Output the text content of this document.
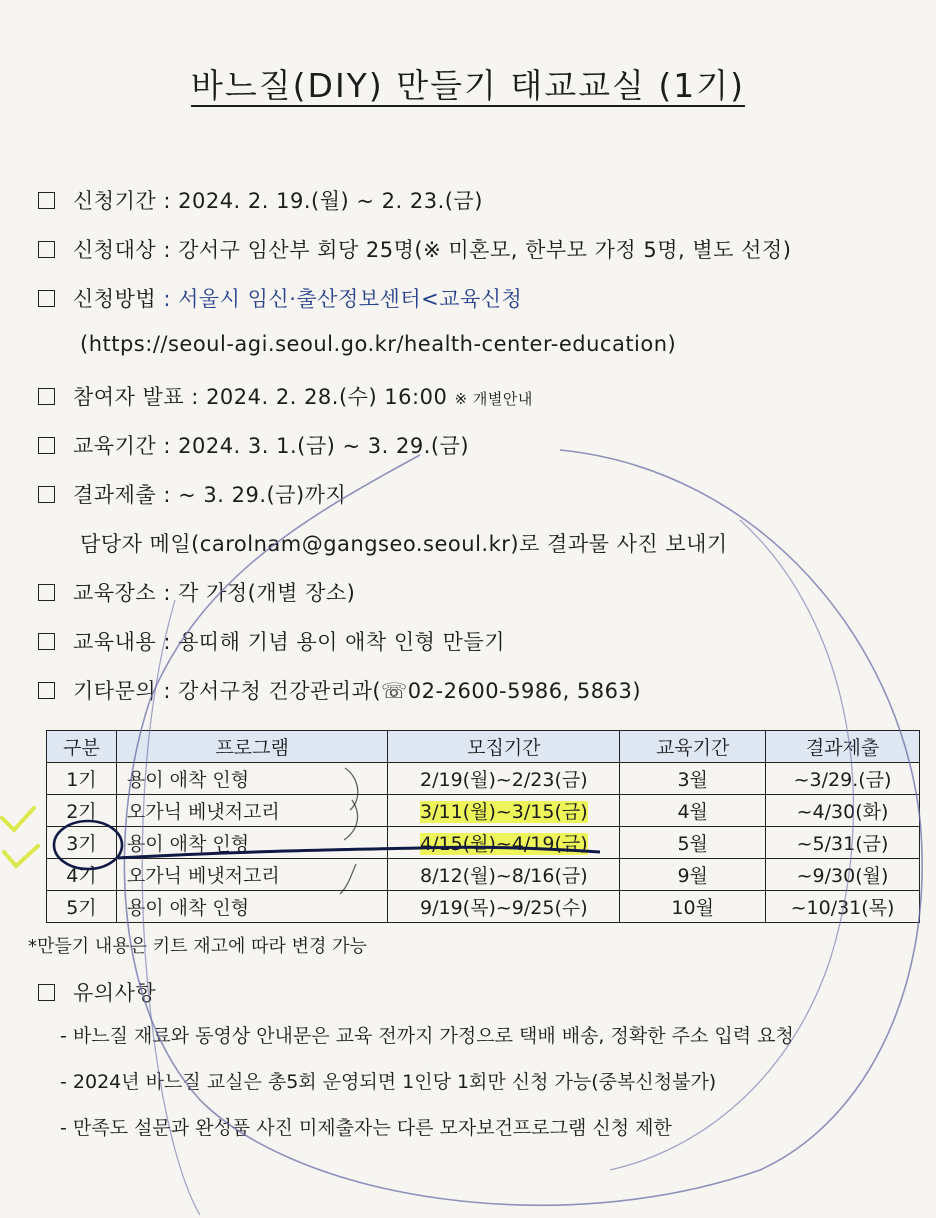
바느질(DIY) 만들기 태교교실 (1기)
신청기간 : 2024. 2. 19.(월) ~ 2. 23.(금)
신청대상 : 강서구 임산부 회당 25명(※ 미혼모, 한부모 가정 5명, 별도 선정)
신청방법 : 서울시 임신·출산정보센터<교육신청
(https://seoul-agi.seoul.go.kr/health-center-education)
참여자 발표 : 2024. 2. 28.(수) 16:00 ※ 개별안내
교육기간 : 2024. 3. 1.(금) ~ 3. 29.(금)
결과제출 : ~ 3. 29.(금)까지
담당자 메일(carolnam@gangseo.seoul.kr)로 결과물 사진 보내기
교육장소 : 각 가정(개별 장소)
교육내용 : 용띠해 기념 용이 애착 인형 만들기
기타문의 : 강서구청 건강관리과(☏02-2600-5986, 5863)
구분	프로그램	모집기간	교육기간	결과제출
1기	용이 애착 인형	2/19(월)~2/23(금)	3월	~3/29.(금)
2기	오가닉 베냇저고리	3/11(월)~3/15(금)	4월	~4/30(화)
3기	용이 애착 인형	4/15(월)~4/19(금)	5월	~5/31(금)
4기	오가닉 베냇저고리	8/12(월)~8/16(금)	9월	~9/30(월)
5기	용이 애착 인형	9/19(목)~9/25(수)	10월	~10/31(목)
*만들기 내용은 키트 재고에 따라 변경 가능
유의사항
- 바느질 재료와 동영상 안내문은 교육 전까지 가정으로 택배 배송, 정확한 주소 입력 요청
- 2024년 바느질 교실은 총5회 운영되면 1인당 1회만 신청 가능(중복신청불가)
- 만족도 설문과 완성품 사진 미제출자는 다른 모자보건프로그램 신청 제한
